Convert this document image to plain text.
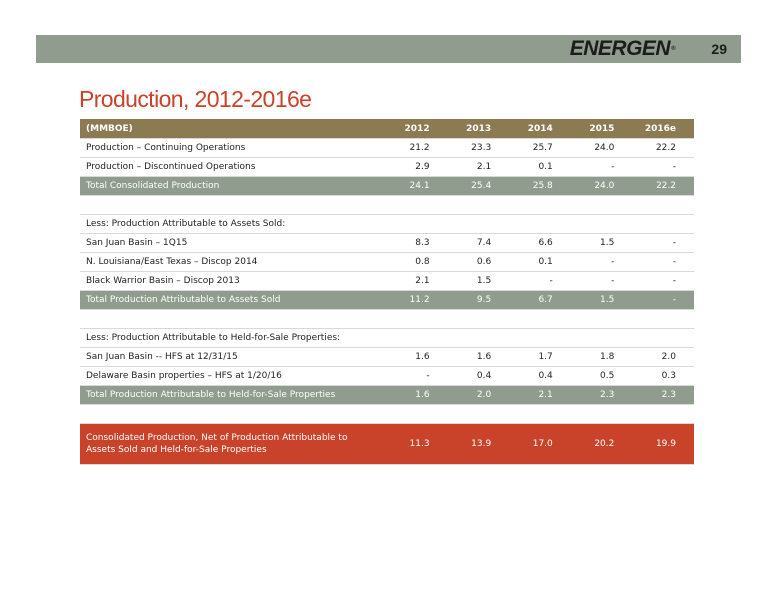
ENERGEN®	29
Production, 2012-2016e
(MMBOE)	2012	2013	2014	2015	2016e
Production – Continuing Operations	21.2	23.3	25.7	24.0	22.2
Production – Discontinued Operations	2.9	2.1	0.1	-	-
Total Consolidated Production	24.1	25.4	25.8	24.0	22.2

Less: Production Attributable to Assets Sold:					
San Juan Basin – 1Q15	8.3	7.4	6.6	1.5	-
N. Louisiana/East Texas – Discop 2014	0.8	0.6	0.1	-	-
Black Warrior Basin – Discop 2013	2.1	1.5	-	-	-
Total Production Attributable to Assets Sold	11.2	9.5	6.7	1.5	-

Less: Production Attributable to Held-for-Sale Properties:					
San Juan Basin -- HFS at 12/31/15	1.6	1.6	1.7	1.8	2.0
Delaware Basin properties – HFS at 1/20/16	-	0.4	0.4	0.5	0.3
Total Production Attributable to Held-for-Sale Properties	1.6	2.0	2.1	2.3	2.3

Consolidated Production, Net of Production Attributable to Assets Sold and Held-for-Sale Properties	11.3	13.9	17.0	20.2	19.9
